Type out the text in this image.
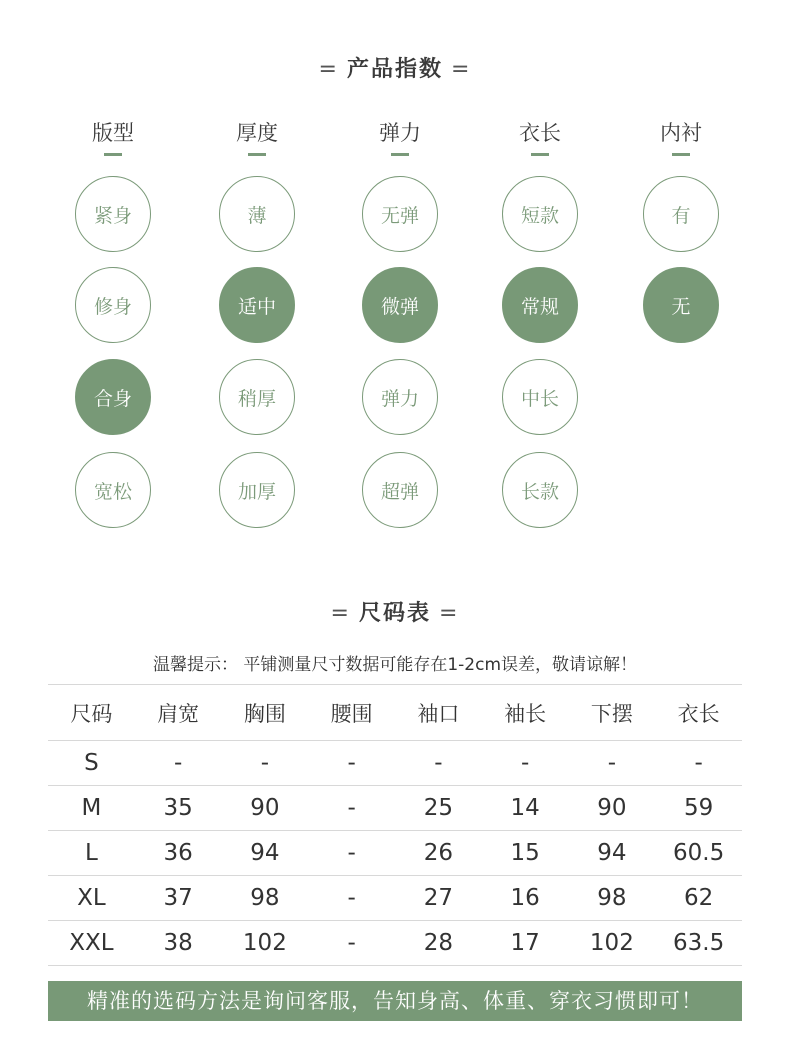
= 产品指数 =
版型
紧身
修身
合身
宽松
厚度
薄
适中
稍厚
加厚
弹力
无弹
微弹
弹力
超弹
衣长
短款
常规
中长
长款
内衬
有
无
= 尺码表 =
温馨提示： 平铺测量尺寸数据可能存在1-2cm误差，敬请谅解！
尺码	肩宽	胸围	腰围	袖口	袖长	下摆	衣长
S	-	-	-	-	-	-	-
M	35	90	-	25	14	90	59
L	36	94	-	26	15	94	60.5
XL	37	98	-	27	16	98	62
XXL	38	102	-	28	17	102	63.5
精准的选码方法是询问客服，告知身高、体重、穿衣习惯即可！
